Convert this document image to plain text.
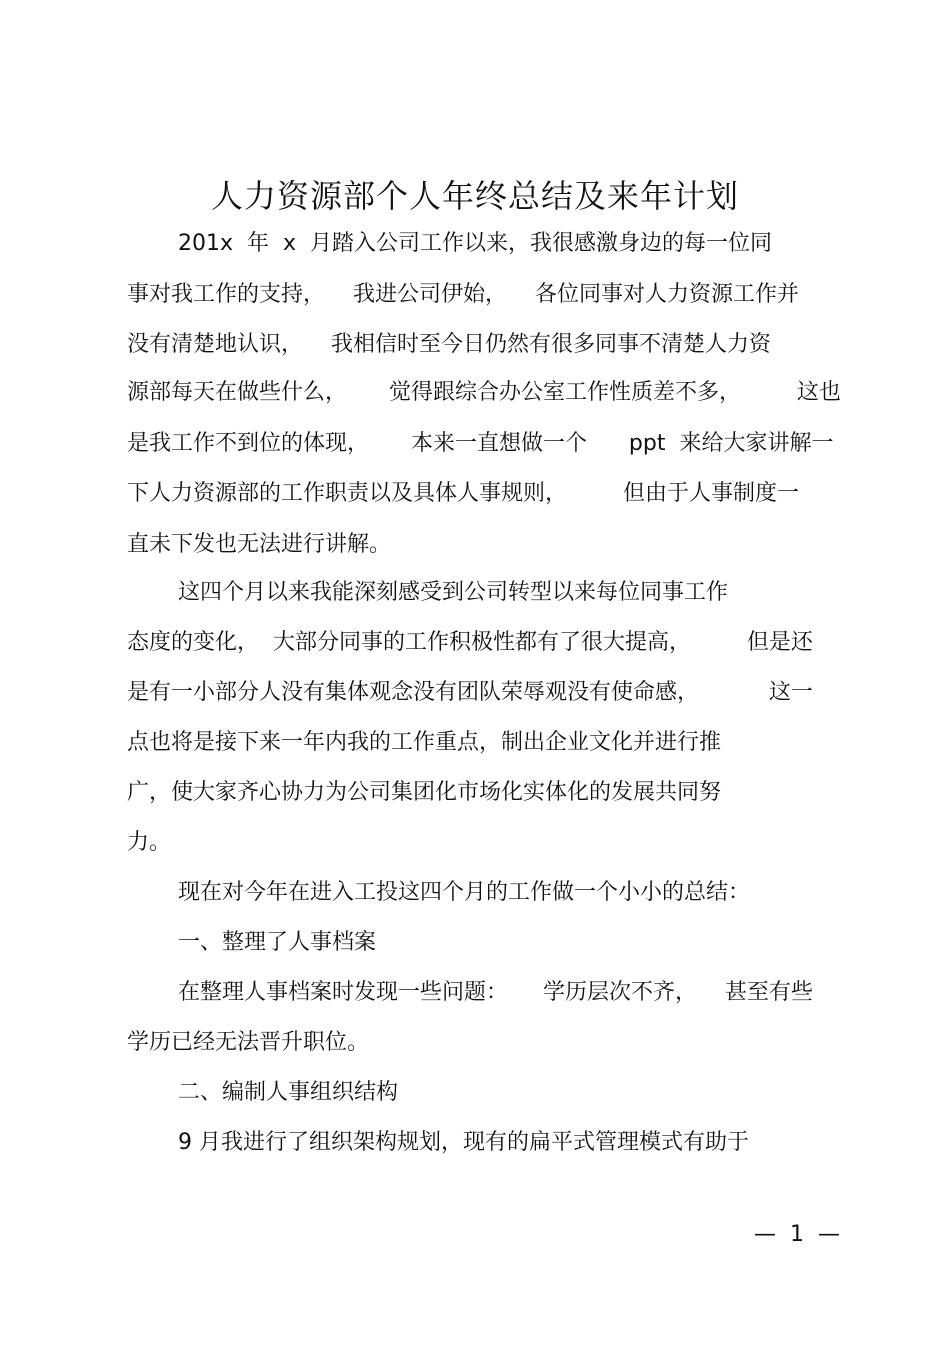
人力资源部个人年终总结及来年计划
201x  年  x  月踏入公司工作以来，我很感激身边的每一位同
事对我工作的支持，    我进公司伊始，    各位同事对人力资源工作并
没有清楚地认识，    我相信时至今日仍然有很多同事不清楚人力资
源部每天在做些什么，      觉得跟综合办公室工作性质差不多，        这也
是我工作不到位的体现，      本来一直想做一个      ppt  来给大家讲解一
下人力资源部的工作职责以及具体人事规则，        但由于人事制度一
直未下发也无法进行讲解。
这四个月以来我能深刻感受到公司转型以来每位同事工作
态度的变化，  大部分同事的工作积极性都有了很大提高，        但是还
是有一小部分人没有集体观念没有团队荣辱观没有使命感，          这一
点也将是接下来一年内我的工作重点，制出企业文化并进行推
广，使大家齐心协力为公司集团化市场化实体化的发展共同努
力。
现在对今年在进入工投这四个月的工作做一个小小的总结：
一、整理了人事档案
在整理人事档案时发现一些问题：     学历层次不齐，    甚至有些
学历已经无法晋升职位。
二、编制人事组织结构
9 月我进行了组织架构规划，现有的扁平式管理模式有助于
—  1  —
